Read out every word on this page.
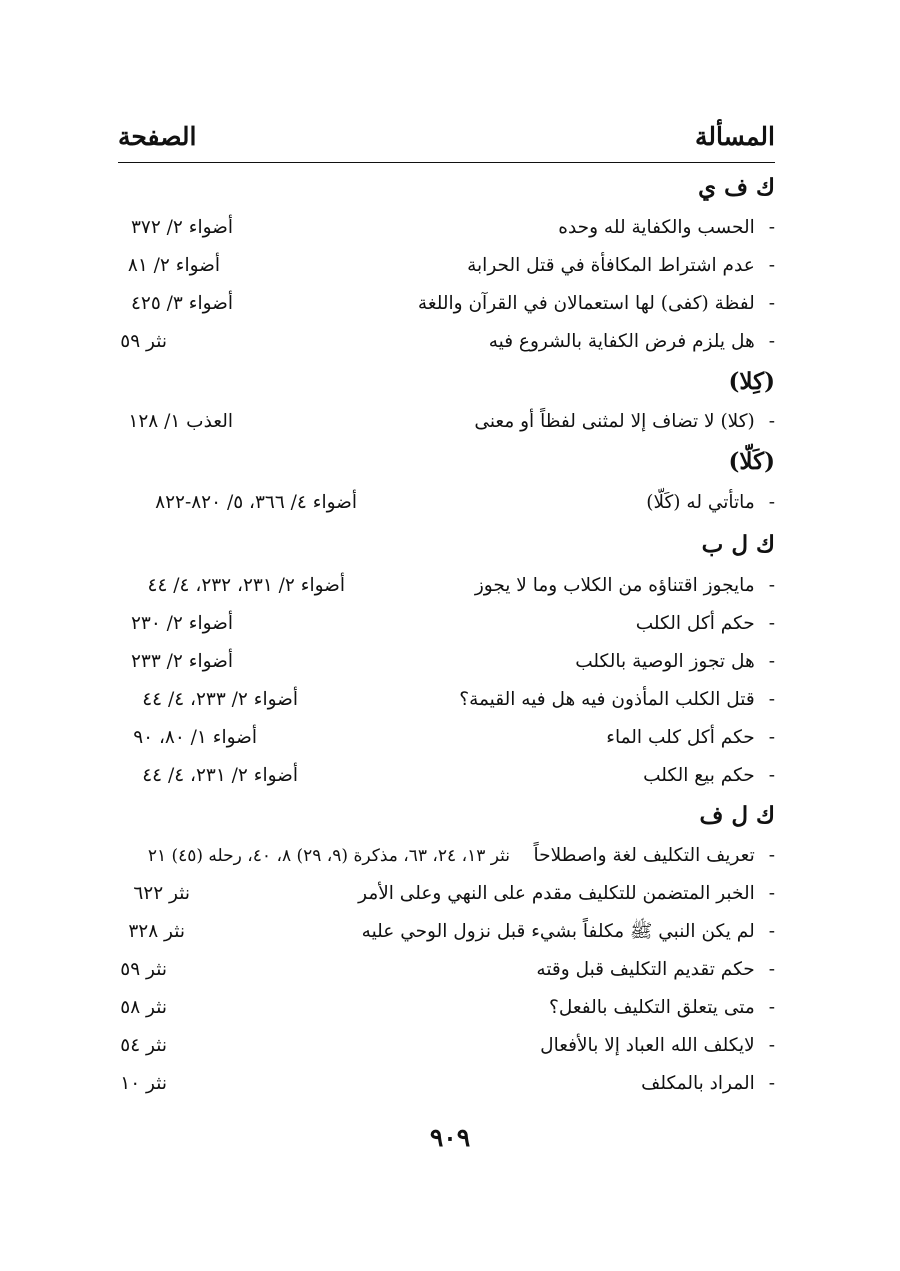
المسألة
الصفحة
ك ف ي
-الحسب والكفاية لله وحده
أضواء ٢/ ٣٧٢
-عدم اشتراط المكافأة في قتل الحرابة
أضواء ٢/ ٨١
-لفظة (كفى) لها استعمالان في القرآن واللغة
أضواء ٣/ ٤٢٥
-هل يلزم فرض الكفاية بالشروع فيه
نثر ٥٩
(كِلا)
-(كلا) لا تضاف إلا لمثنى لفظاً أو معنى
العذب ١/ ١٢٨
(كَلّا)
-ماتأتي له (كَلّا)
أضواء ٤/ ٣٦٦، ٥/ ٨٢٠-٨٢٢
ك ل ب
-مايجوز اقتناؤه من الكلاب وما لا يجوز
أضواء ٢/ ٢٣١، ٢٣٢، ٤/ ٤٤
-حكم أكل الكلب
أضواء ٢/ ٢٣٠
-هل تجوز الوصية بالكلب
أضواء ٢/ ٢٣٣
-قتل الكلب المأذون فيه هل فيه القيمة؟
أضواء ٢/ ٢٣٣، ٤/ ٤٤
-حكم أكل كلب الماء
أضواء ١/ ٨٠، ٩٠
-حكم بيع الكلب
أضواء ٢/ ٢٣١، ٤/ ٤٤
ك ل ف
-تعريف التكليف لغة واصطلاحاً
نثر ١٣، ٢٤، ٦٣، مذكرة (٩، ٢٩) ٨، ٤٠، رحله (٤٥) ٢١
-الخبر المتضمن للتكليف مقدم على النهي وعلى الأمر
نثر ٦٢٢
-لم يكن النبي ﷺ مكلفاً بشيء قبل نزول الوحي عليه
نثر ٣٢٨
-حكم تقديم التكليف قبل وقته
نثر ٥٩
-متى يتعلق التكليف بالفعل؟
نثر ٥٨
-لايكلف الله العباد إلا بالأفعال
نثر ٥٤
-المراد بالمكلف
نثر ١٠
٩٠٩
